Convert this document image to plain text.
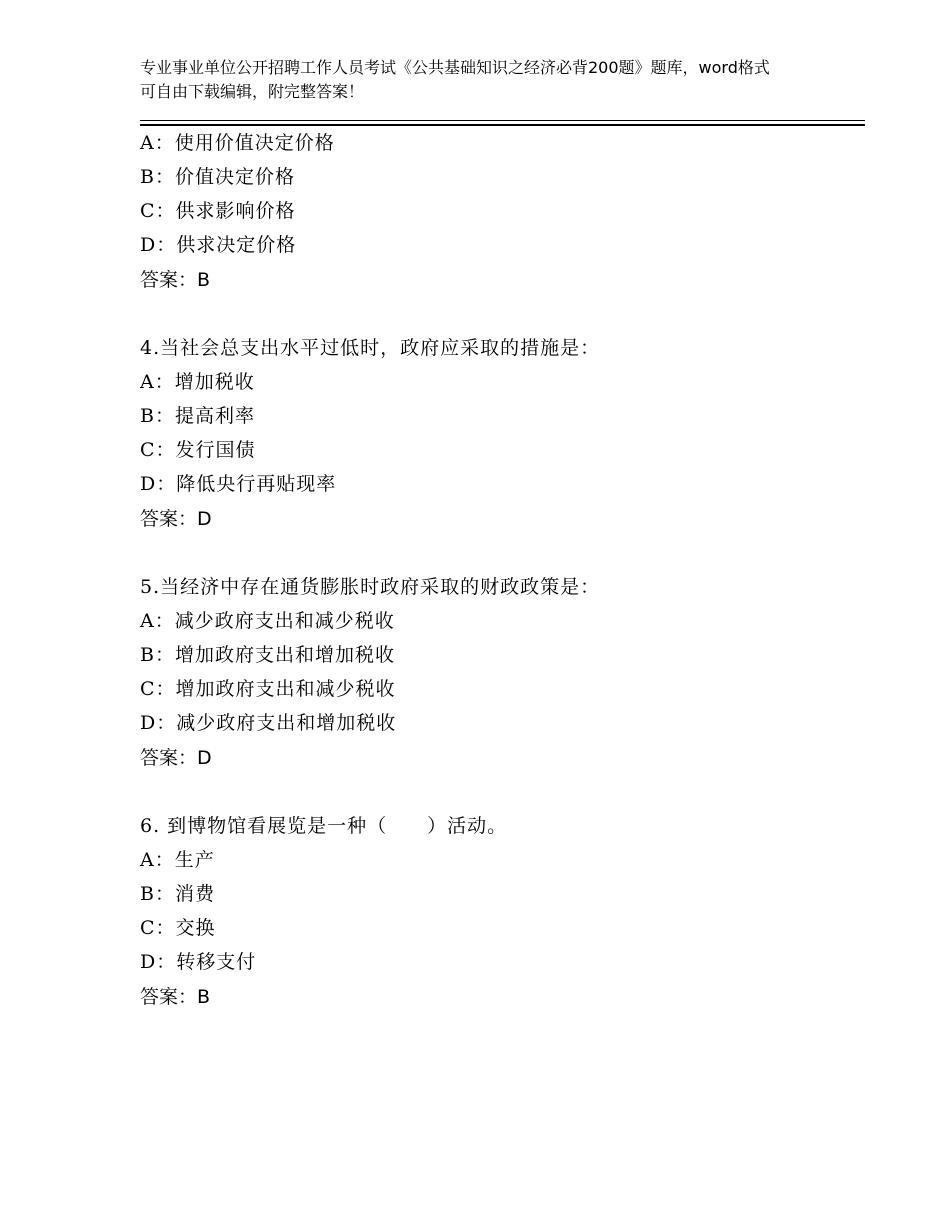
专业事业单位公开招聘工作人员考试《公共基础知识之经济必背200题》题库，word格式可自由下载编辑，附完整答案！
A：使用价值决定价格
B：价值决定价格
C：供求影响价格
D：供求决定价格
答案：B
4.当社会总支出水平过低时，政府应采取的措施是：
A：增加税收
B：提高利率
C：发行国债
D：降低央行再贴现率
答案：D
5.当经济中存在通货膨胀时政府采取的财政政策是：
A：减少政府支出和减少税收
B：增加政府支出和增加税收
C：增加政府支出和减少税收
D：减少政府支出和增加税收
答案：D
6. 到博物馆看展览是一种（　　）活动。
A：生产
B：消费
C：交换
D：转移支付
答案：B
